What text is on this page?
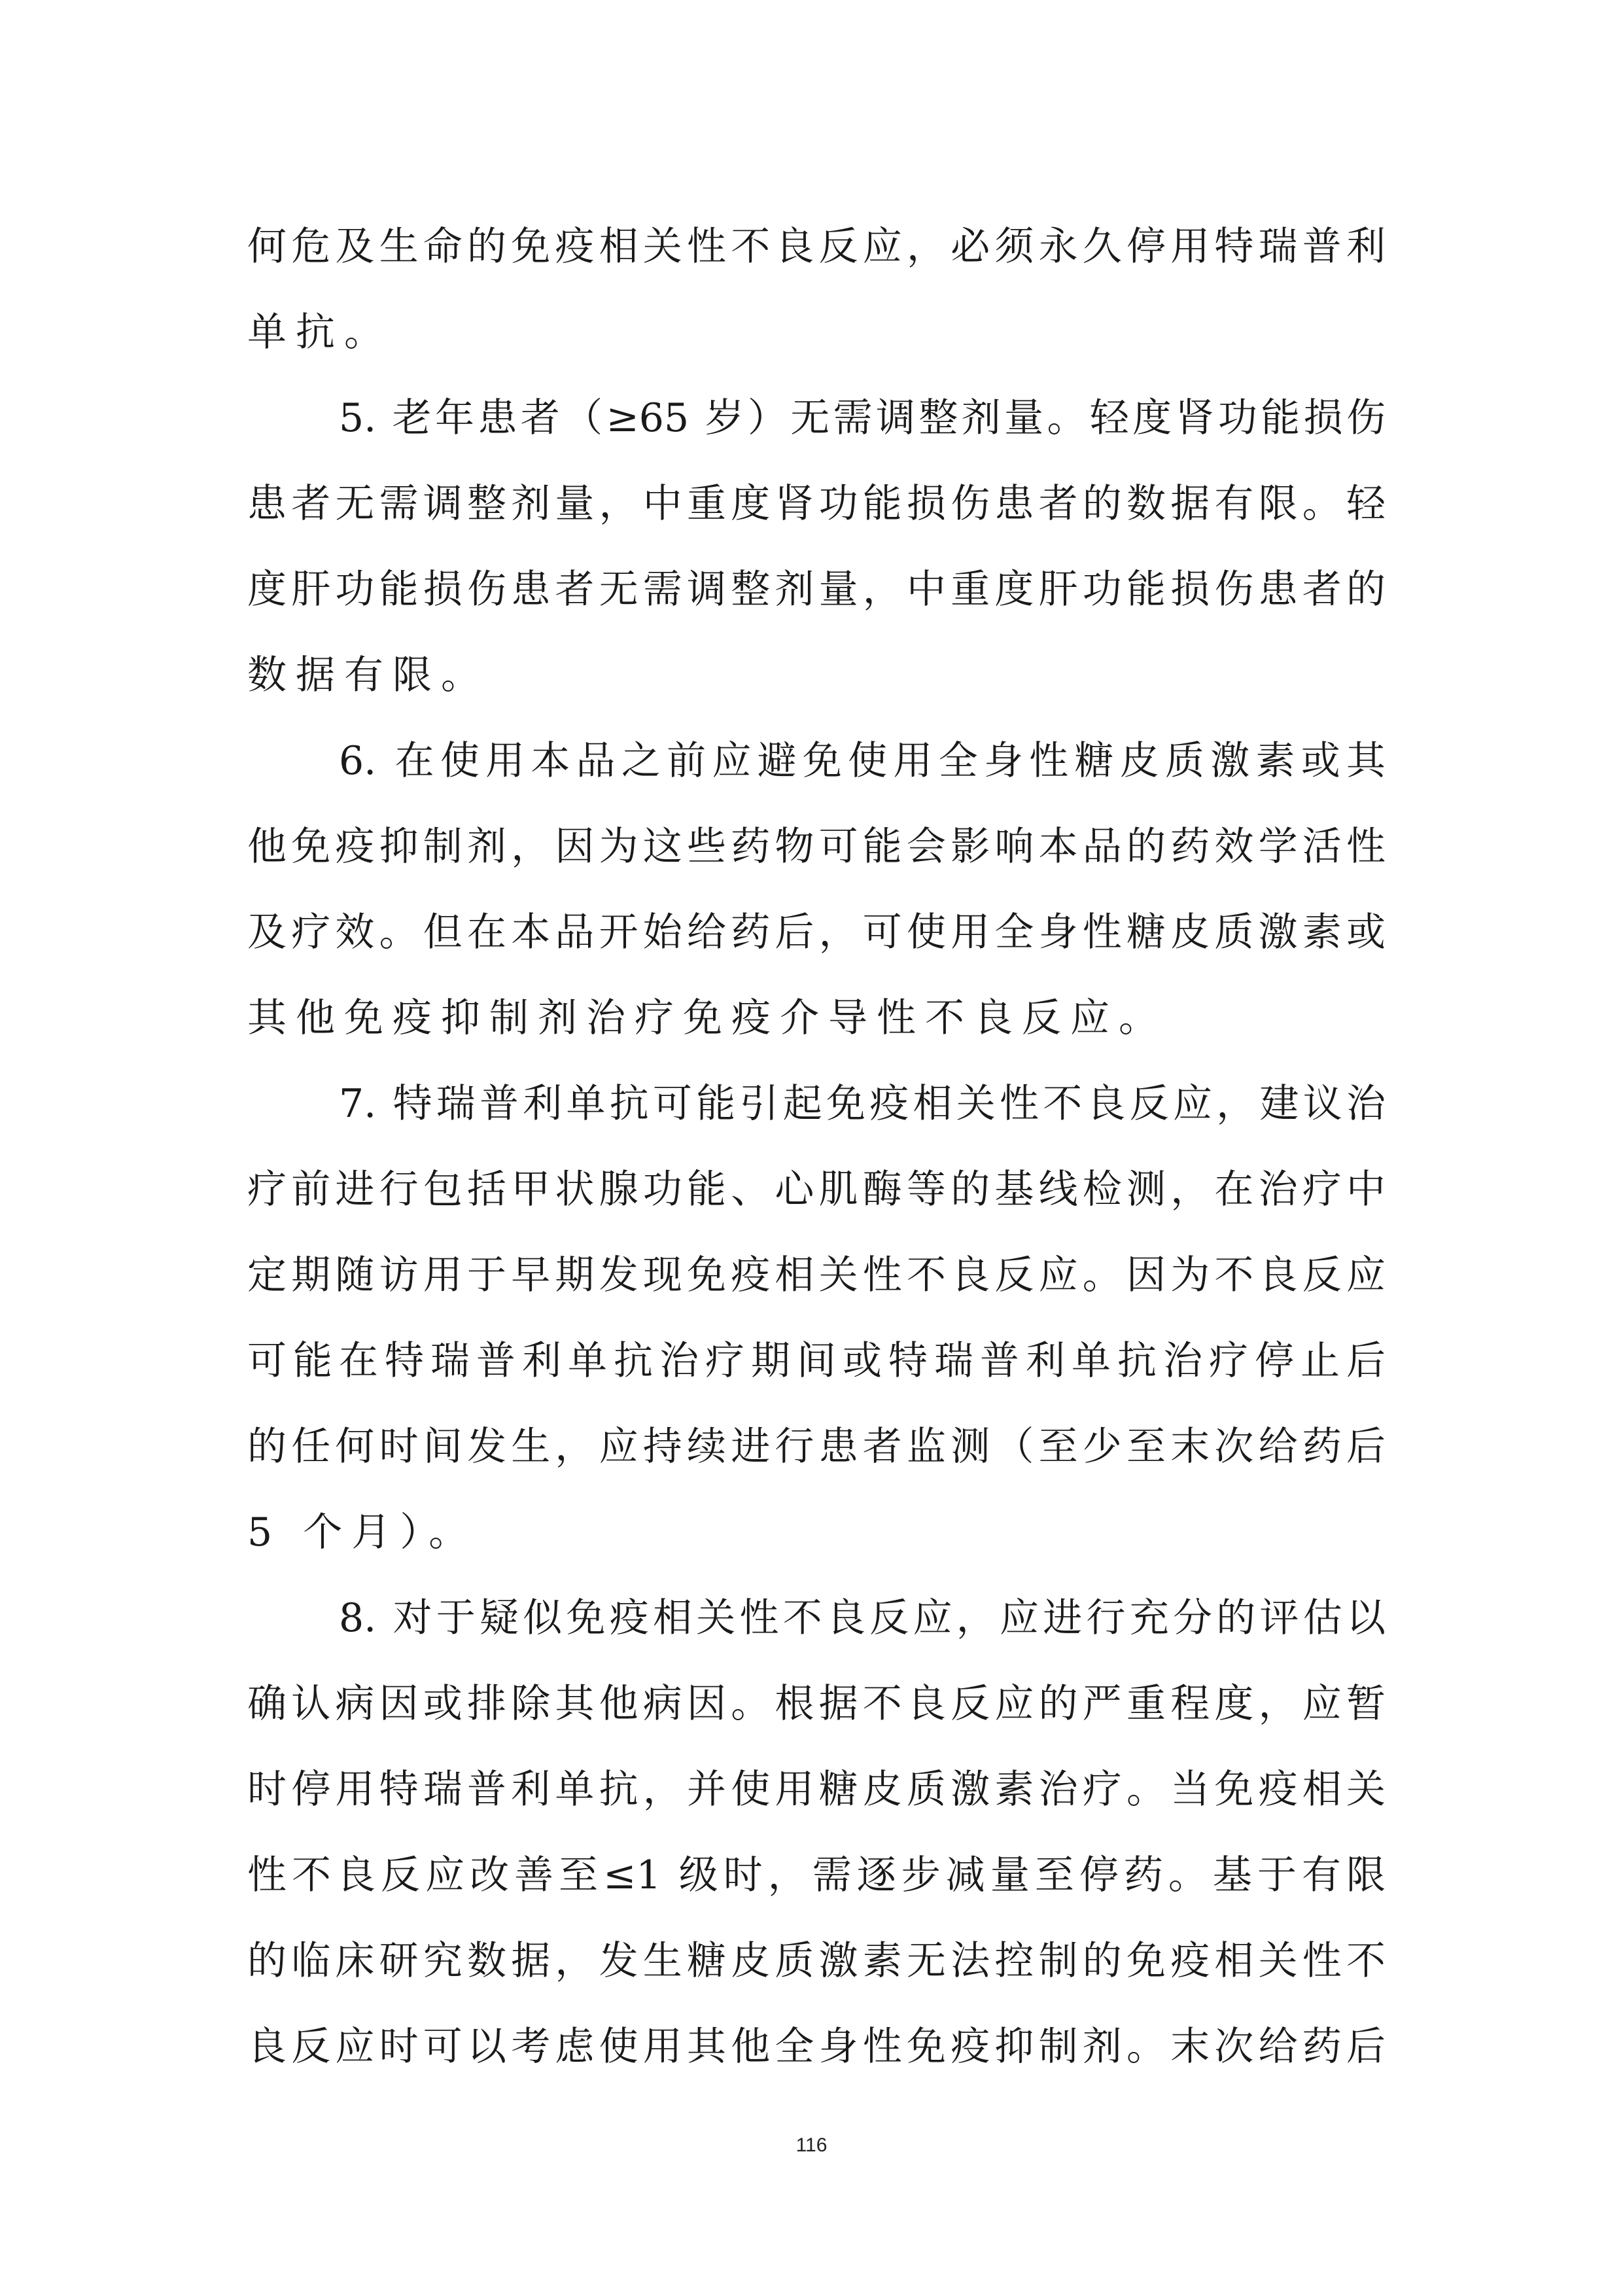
何危及生命的免疫相关性不良反应，必须永久停用特瑞普利
单抗。
5. 老年患者（≥65 岁）无需调整剂量。轻度肾功能损伤
患者无需调整剂量，中重度肾功能损伤患者的数据有限。轻
度肝功能损伤患者无需调整剂量，中重度肝功能损伤患者的
数据有限。
6. 在使用本品之前应避免使用全身性糖皮质激素或其
他免疫抑制剂，因为这些药物可能会影响本品的药效学活性
及疗效。但在本品开始给药后，可使用全身性糖皮质激素或
其他免疫抑制剂治疗免疫介导性不良反应。
7. 特瑞普利单抗可能引起免疫相关性不良反应，建议治
疗前进行包括甲状腺功能、心肌酶等的基线检测，在治疗中
定期随访用于早期发现免疫相关性不良反应。因为不良反应
可能在特瑞普利单抗治疗期间或特瑞普利单抗治疗停止后
的任何时间发生，应持续进行患者监测（至少至末次给药后
5 个月）。
8. 对于疑似免疫相关性不良反应，应进行充分的评估以
确认病因或排除其他病因。根据不良反应的严重程度，应暂
时停用特瑞普利单抗，并使用糖皮质激素治疗。当免疫相关
性不良反应改善至≤1 级时，需逐步减量至停药。基于有限
的临床研究数据，发生糖皮质激素无法控制的免疫相关性不
良反应时可以考虑使用其他全身性免疫抑制剂。末次给药后
116
